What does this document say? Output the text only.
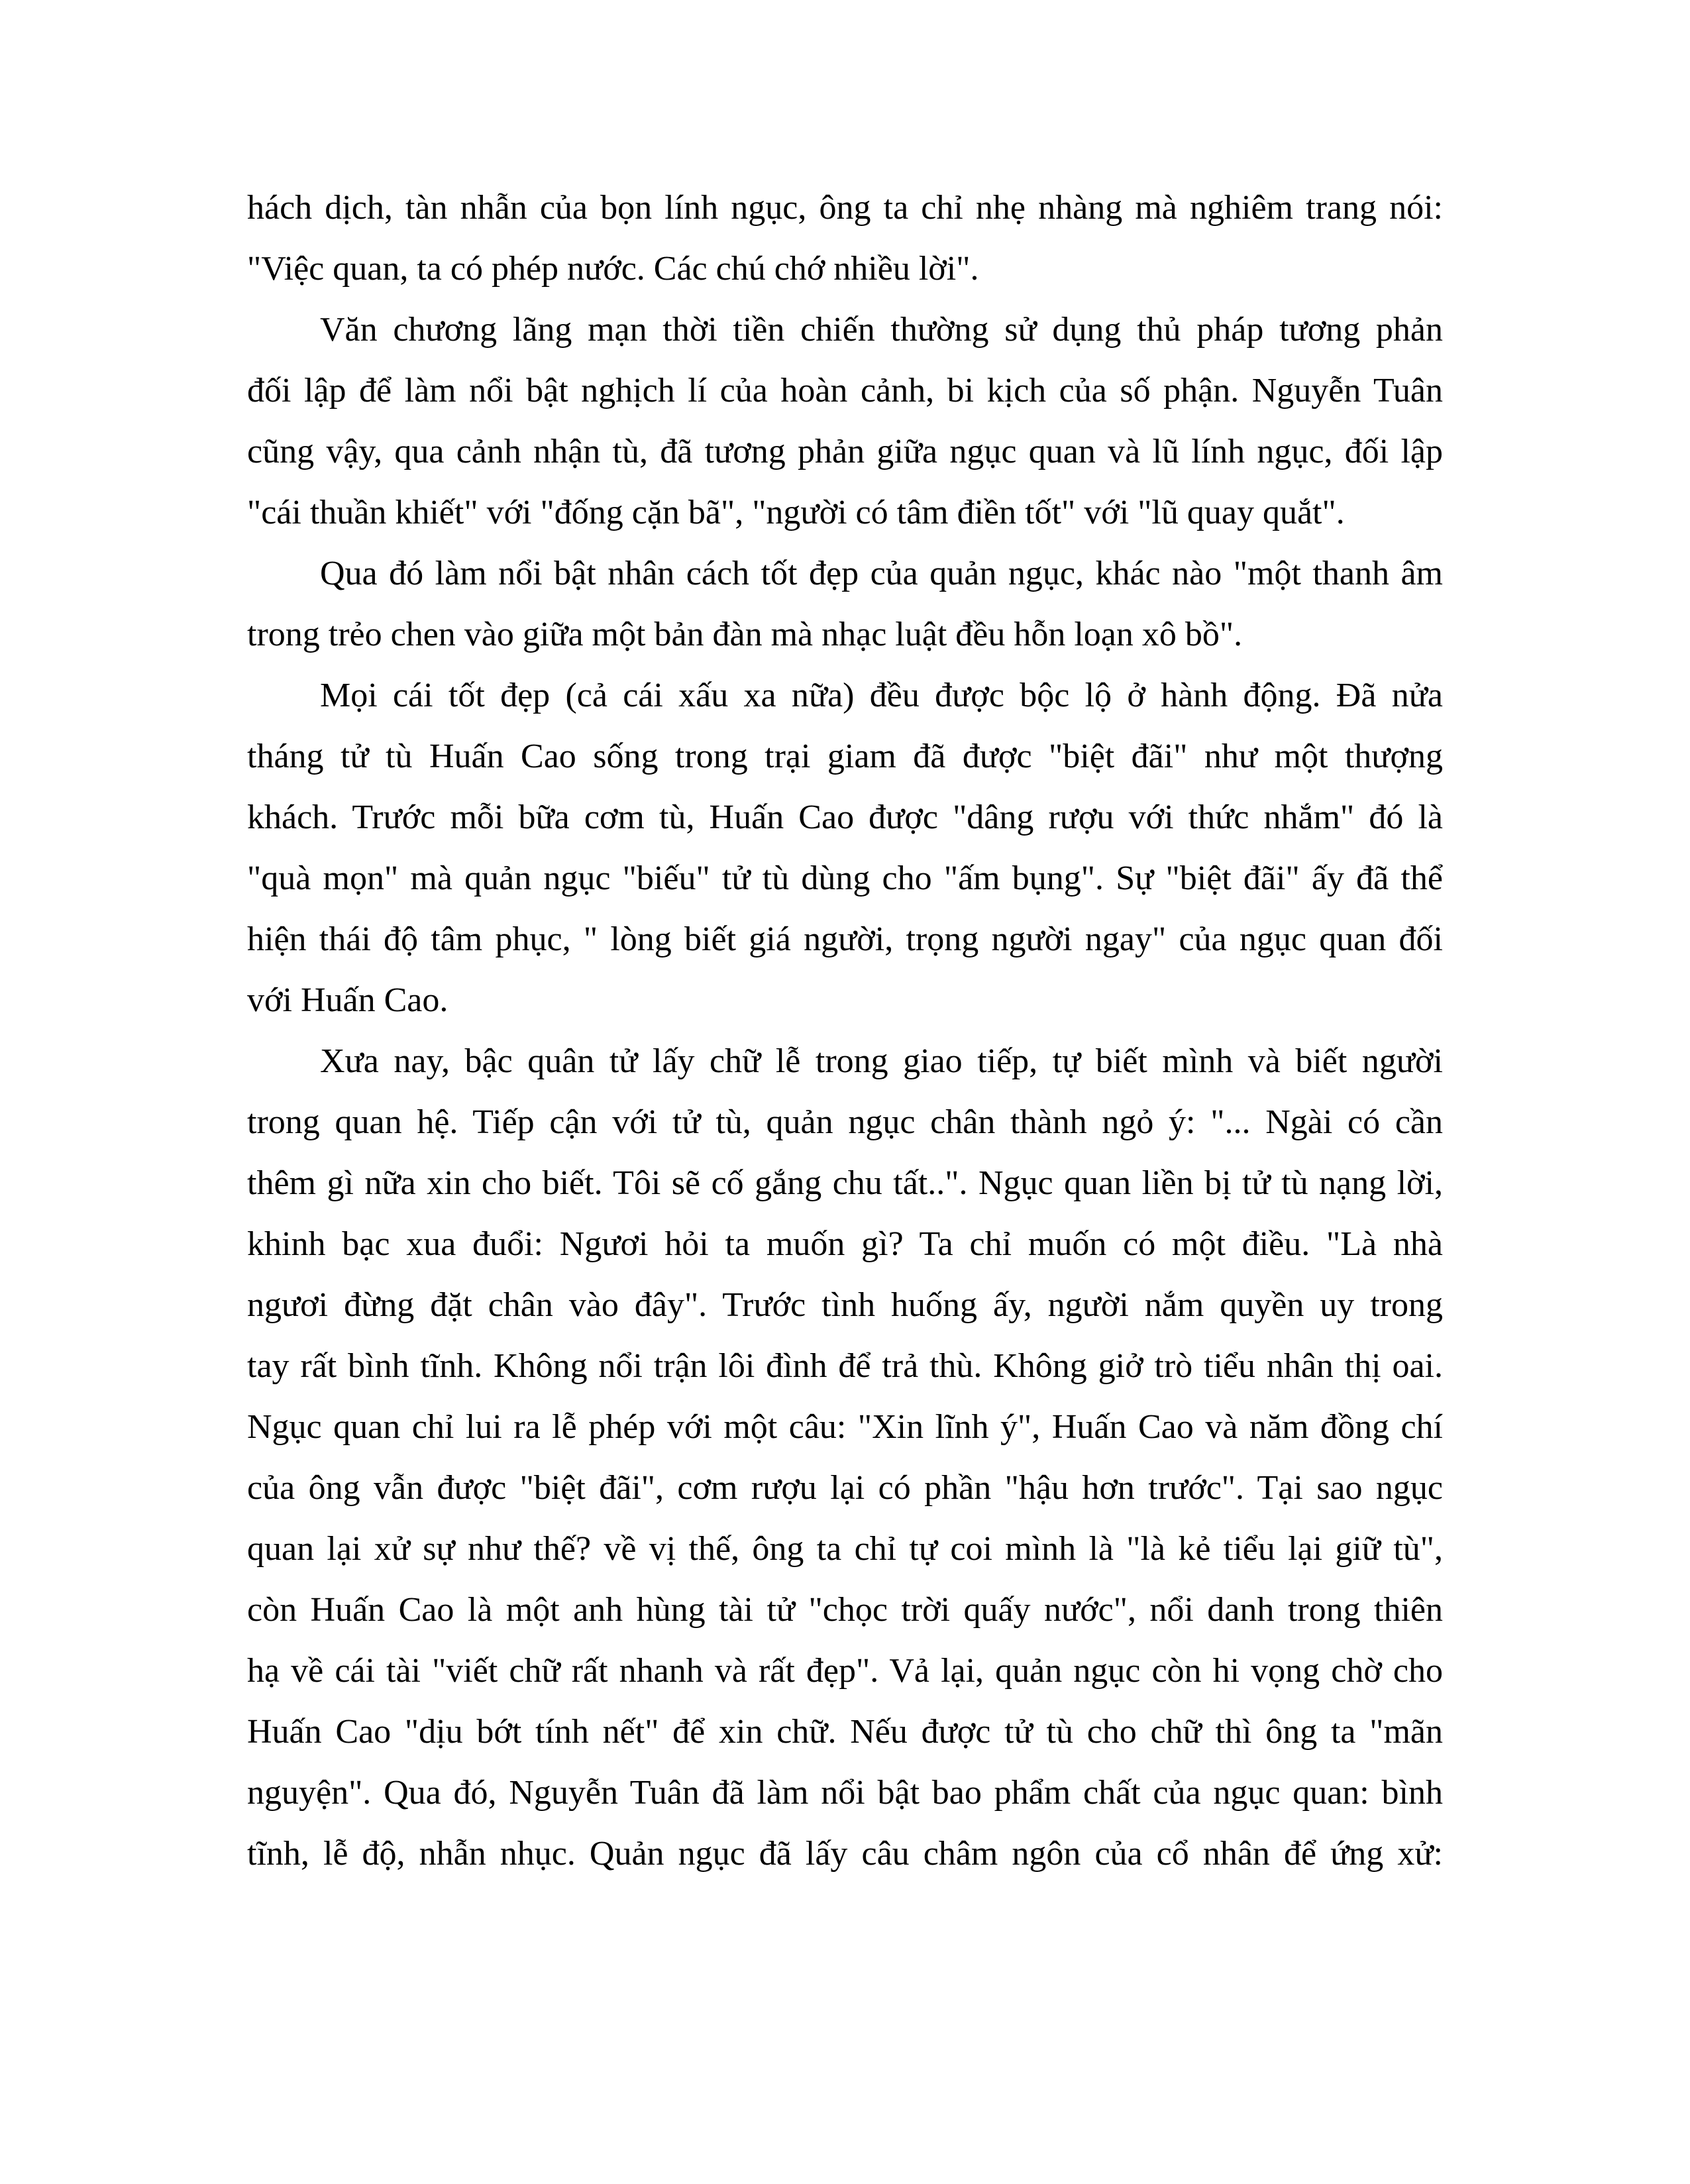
hách dịch, tàn nhẫn của bọn lính ngục, ông ta chỉ nhẹ nhàng mà nghiêm trang nói:
"Việc quan, ta có phép nước. Các chú chớ nhiều lời".
Văn chương lãng mạn thời tiền chiến thường sử dụng thủ pháp tương phản
đối lập để làm nổi bật nghịch lí của hoàn cảnh, bi kịch của số phận. Nguyễn Tuân
cũng vậy, qua cảnh nhận tù, đã tương phản giữa ngục quan và lũ lính ngục, đối lập
"cái thuần khiết" với "đống cặn bã", "người có tâm điền tốt" với "lũ quay quắt".
Qua đó làm nổi bật nhân cách tốt đẹp của quản ngục, khác nào "một thanh âm
trong trẻo chen vào giữa một bản đàn mà nhạc luật đều hỗn loạn xô bồ".
Mọi cái tốt đẹp (cả cái xấu xa nữa) đều được bộc lộ ở hành động. Đã nửa
tháng tử tù Huấn Cao sống trong trại giam đã được "biệt đãi" như một thượng
khách. Trước mỗi bữa cơm tù, Huấn Cao được "dâng rượu với thức nhắm" đó là
"quà mọn" mà quản ngục "biếu" tử tù dùng cho "ấm bụng". Sự "biệt đãi" ấy đã thể
hiện thái độ tâm phục, " lòng biết giá người, trọng người ngay" của ngục quan đối
với Huấn Cao.
Xưa nay, bậc quân tử lấy chữ lễ trong giao tiếp, tự biết mình và biết người
trong quan hệ. Tiếp cận với tử tù, quản ngục chân thành ngỏ ý: "... Ngài có cần
thêm gì nữa xin cho biết. Tôi sẽ cố gắng chu tất..". Ngục quan liền bị tử tù nạng lời,
khinh bạc xua đuổi: Ngươi hỏi ta muốn gì? Ta chỉ muốn có một điều. "Là nhà
ngươi đừng đặt chân vào đây". Trước tình huống ấy, người nắm quyền uy trong
tay rất bình tĩnh. Không nổi trận lôi đình để trả thù. Không giở trò tiểu nhân thị oai.
Ngục quan chỉ lui ra lễ phép với một câu: "Xin lĩnh ý", Huấn Cao và năm đồng chí
của ông vẫn được "biệt đãi", cơm rượu lại có phần "hậu hơn trước". Tại sao ngục
quan lại xử sự như thế? về vị thế, ông ta chỉ tự coi mình là "là kẻ tiểu lại giữ tù",
còn Huấn Cao là một anh hùng tài tử "chọc trời quấy nước", nổi danh trong thiên
hạ về cái tài "viết chữ rất nhanh và rất đẹp". Vả lại, quản ngục còn hi vọng chờ cho
Huấn Cao "dịu bớt tính nết" để xin chữ. Nếu được tử tù cho chữ thì ông ta "mãn
nguyện". Qua đó, Nguyễn Tuân đã làm nổi bật bao phẩm chất của ngục quan: bình
tĩnh, lễ độ, nhẫn nhục. Quản ngục đã lấy câu châm ngôn của cổ nhân để ứng xử:
